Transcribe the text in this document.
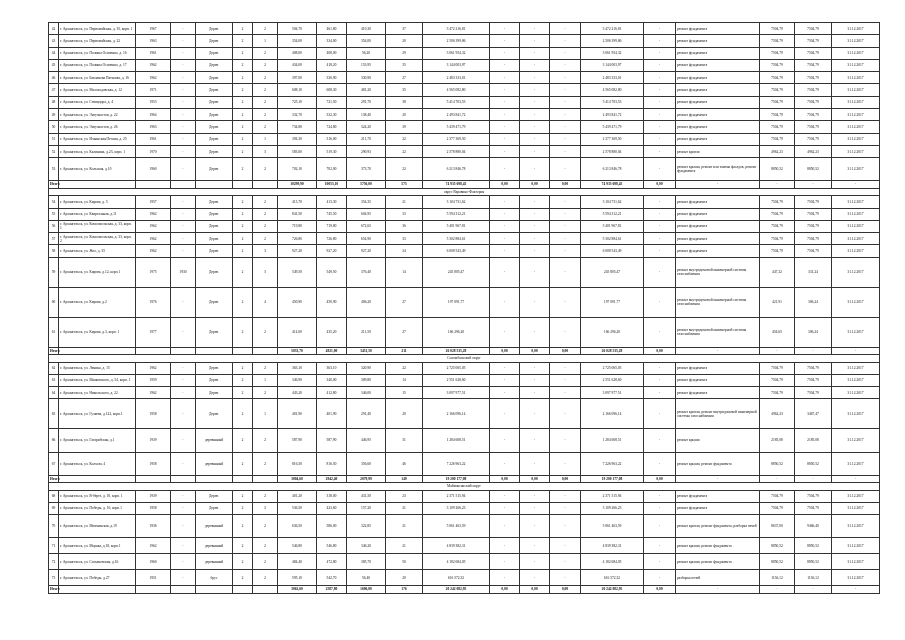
42	г. Архангельск, ул. Первомайская, д. 35, корп. 1	1967	-	Дерев.	2	2	504,70	461,80	410,30	37	3 472 216,81	-	-	-	3 472 216,81	-	ремонт фундамента	7504,79	7504,79	31.12.2017
43	г. Архангельск, ул. Первомайская, д. 22	1963	-	Дерев.	2	1	354,00	334,00	354,00	20	2 506 399,86	-	-	-	2 506 399,86	-	ремонт фундамента	7504,79	7504,79	31.12.2017
44	г. Архангельск, ул. Полины Осипенко, д. 16	1961	-	Дерев.	2	2	408,00	408,00	56,20	29	3 061 954,32	-	-	-	3 061 954,32	-	ремонт фундамента	7504,79	7504,79	31.12.2017
45	г. Архангельск, ул. Полины Осипенко, д. 17	1962	-	Дерев.	2	2	434,00	418,20	153,95	35	3 144 003,97	-	-	-	3 144 003,97	-	ремонт фундамента	7504,79	7504,79	31.12.2017
46	г. Архангельск, ул. Бакланова Патькова, д. 16	1962	-	Дерев.	2	2	397,00	330,90	330,90	27	2 483 333,01	-	-	-	2 483 333,01	-	ремонт фундамента	7504,79	7504,79	31.12.2017
47	г. Архангельск, ул. Малоходовская, д. 12	1971	-	Дерев.	2	2	608,10	608,30	481,20	35	4 565 082,80	-	-	-	4 565 082,80	-	ремонт фундамента	7504,79	7504,79	31.12.2017
48	г. Архангельск, ул. Стивидора, д. 4	1953	-	Дерев.	2	2	725,10	721,50	291,70	38	5 414 703,53	-	-	-	5 414 703,53	-	ремонт фундамента	7504,79	7504,79	31.12.2017
49	г. Архангельск, ул. Энтузиастов, д. 22	1964	-	Дерев.	2	2	332,70	332,30	138,40	20	2 493 841,72	-	-	-	2 493 841,72	-	ремонт фундамента	7504,79	7504,79	31.12.2017
50	г. Архангельск, ул. Энтузиастов, д. 26	1963	-	Дерев.	2	2	734,80	724,80	324,20	39	5 439 471,79	-	-	-	5 439 471,79	-	ремонт фундамента	7504,79	7504,79	31.12.2017
51	г. Архангельск, ул. Ильинская/Лесная, д. 25	1961	-	Дерев.	2	1	394,30	316,00	211,70	22	2 377 369,50	-	-	-	2 377 369,50	-	ремонт фундамента	7504,79	7504,79	31.12.2017
52	г. Архангельск, ул. Калинина, д.23, корп. 1	1970	-	Дерев.	2	3	583,00	519,30	290,93	22	2 578 880,04	-	-	-	2 578 880,04	-	ремонт кровли	4962,23	4962,23	31.12.2017
53	г. Архангельск, ул. Кольская, д.10	1960	-	Дерев.	2	2	702,10	702,00	373,70	22	6 213 846,78	-	-	-	6 213 846,78	-	ремонт крыши, ремонт или замена фасадов, ремонт фундамента	8850,52	8850,52	31.12.2017
Итого							10299,90	10055,10	5756,00	575	74 935 698,45	0,00	0,00	0,00	74 935 698,45	0,00	-	-	-	-
округ Варавино-Фактория																				
54	г. Архангельск, ул. Кирова, д. 5	1957	-	Дерев.	2	2	413,70	413,30	354,35	21	3 104 731,62	-	-	-	3 104 731,62	-	ремонт фундамента	7504,79	7504,79	31.12.2017
55	г. Архангельск, ул. Квартальная, д.11	1962	-	Дерев.	2	2	841,50	745,50	604,95	33	5 594 312,21	-	-	-	5 594 312,21	-	ремонт фундамента	7504,79	7504,79	31.12.2017
56	г. Архангельск, ул. Комсомольская, д. 33, корп. 1	1962	-	Дерев.	2	2	719,80	719,80	672,65	36	5 401 967,81	-	-	-	5 401 967,81	-	ремонт фундамента	7504,79	7504,79	31.12.2017
57	г. Архангельск, ул. Комсомольская, д. 33, корп. 2	1962	-	Дерев.	2	2	726,80	726,80	654,90	33	5 302 884,61	-	-	-	5 302 884,61	-	ремонт фундамента	7504,79	7504,79	31.12.2017
58	г. Архангельск, ул. Жоо, д. 35	1962	-	Дерев.	2	3	927,20	927,20	927,20	34	6 008 543,49	-	-	-	6 008 543,49	-	ремонт фундамента	7504,79	7504,79	31.12.2017
59	г. Архангельск, ул. Кирова, д.12, корп.1	1975	1930	Дерев.	2	3	549,50	549,50	376,40	14	245 805,47	-	-	-	245 805,47	-	ремонт внутридомовой инженерной системы газоснабжения	447,32	331,24	31.12.2017
60	г. Архангельск, ул. Кирова, д.2	1976	-	Дерев.	2	4	450,90	450,90	406,20	27	197 091,77	-	-	-	197 091,77	-	ремонт внутридомовой инженерной системы газоснабжения	421,91	306,24	31.12.2017
61	г. Архангельск, ул. Кирова, д.3, корп. 1	1977	-	Дерев.	2	2	414,00	435,20	211,50	27	166 296,20	-	-	-	166 296,20	-	ремонт внутридомовой инженерной системы газоснабжения	454,65	306,24	31.12.2017
Итого							5033,70	4921,00	3451,50	211	26 028 535,28	0,00	0,00	0,00	26 028 535,28	0,00	-	-	-	-
Соломбальский округ																				
62	г. Архангельск, ул. Ленина, д. 15	1962	-	Дерев.	2	2	363,10	363,10	320,90	22	2 725 065,05	-	-	-	2 725 065,05	-	ремонт фундамента	7504,79	7504,79	31.12.2017
63	г. Архангельск, ул. Маяковского, д. 54, корп. 1	1959	-	Дерев.	2	1	346,90	340,00	309,80	14	2 551 628,60	-	-	-	2 551 628,60	-	ремонт фундамента	7504,79	7504,79	31.12.2017
64	г. Архангельск, ул. Никольского, д. 22	1962	-	Дерев.	2	2	443,20	412,80	346,00	15	3 097 977,51	-	-	-	3 097 977,51	-	ремонт фундамента	7504,79	7504,79	31.12.2017
65	г. Архангельск, ул. Гуляева, д.122, корп.1	1958	-	Дерев.	2	1	401,90	401,90	291,40	20	2 166 096,14	-	-	-	2 166 096,14	-	ремонт кровли, ремонт внутридомовой инженерной системы газоснабжения	4962,23	3467,47	31.12.2017
66	г. Архангельск, ул. Гагарибская, д.1	1939	-	деревянный	2	2	587,90	587,90	446,95	31	1 284 608,51	-	-	-	1 284 608,51	-	ремонт крыши	2185,08	2185,08	31.12.2017
67	г. Архангельск, ул. Колхоза, 4	1958	-	деревянный	2	2	816,50	816,50	356,60	46	7 226 963,22	-	-	-	7 226 963,22	-	ремонт крыши, ремонт фундамента	8850,52	8850,52	31.12.2017
Итого							3004,60	2942,40	2079,99	149	19 200 177,08	0,00	0,00	0,00	19 200 177,08	0,00	-	-	-	-
Маймаксанский округ																				
68	г. Архангельск, ул. В-бёрез, д. 10, корп. 1	1939	-	Дерев.	2	2	401,20	318,00	431,50	23	2 371 515,94	-	-	-	2 371 515,94	-	ремонт фундамента	7504,79	7504,79	31.12.2017
69	г. Архангельск, ул. Победы, д. 16, корп.1	1958	-	Дерев.	2	3	536,50	423,60	157,20	21	3 109 266,23	-	-	-	3 109 266,23	-	ремонт фундамента	7504,79	7504,79	31.12.2017
70	г. Архангельск, ул. Мичманская, д.19	1936	-	деревянный	2	2	636,50	586,00	322,85	21	5 061 463,59	-	-	-	5 061 463,59	-	ремонт кровли, ремонт фундамента, разборка печей	8637,00	9466,40	31.12.2017
71	г. Архангельск, ул. Моряка, д.18, корп.1	1962	-	деревянный	2	2	546,80	546,80	346,20	21	4 839 382,31	-	-	-	4 839 382,31	-	ремонт крыши, ремонт фундамента	8850,52	8850,52	31.12.2017
72	г. Архангельск, ул. Стахановская, д.16	1960	-	деревянный	2	2	484,40	472,80	385,70	50	4 182 684,05	-	-	-	4 182 684,05	-	ремонт крыши, ремонт фундамента	8850,52	8850,52	31.12.2017
73	г. Архангельск, ул. Победы, д.27	1951	-	брус	2	2	595,10	542,70	56,40	20	616 572,32	-	-	-	616 572,32	-	разборка печей	1136,12	1136,12	31.12.2017
Итого							3062,60	2587,80	1696,80	176	20 242 082,95	0,00	0,00	0,00	20 242 082,95	0,00	-	-	-	-
